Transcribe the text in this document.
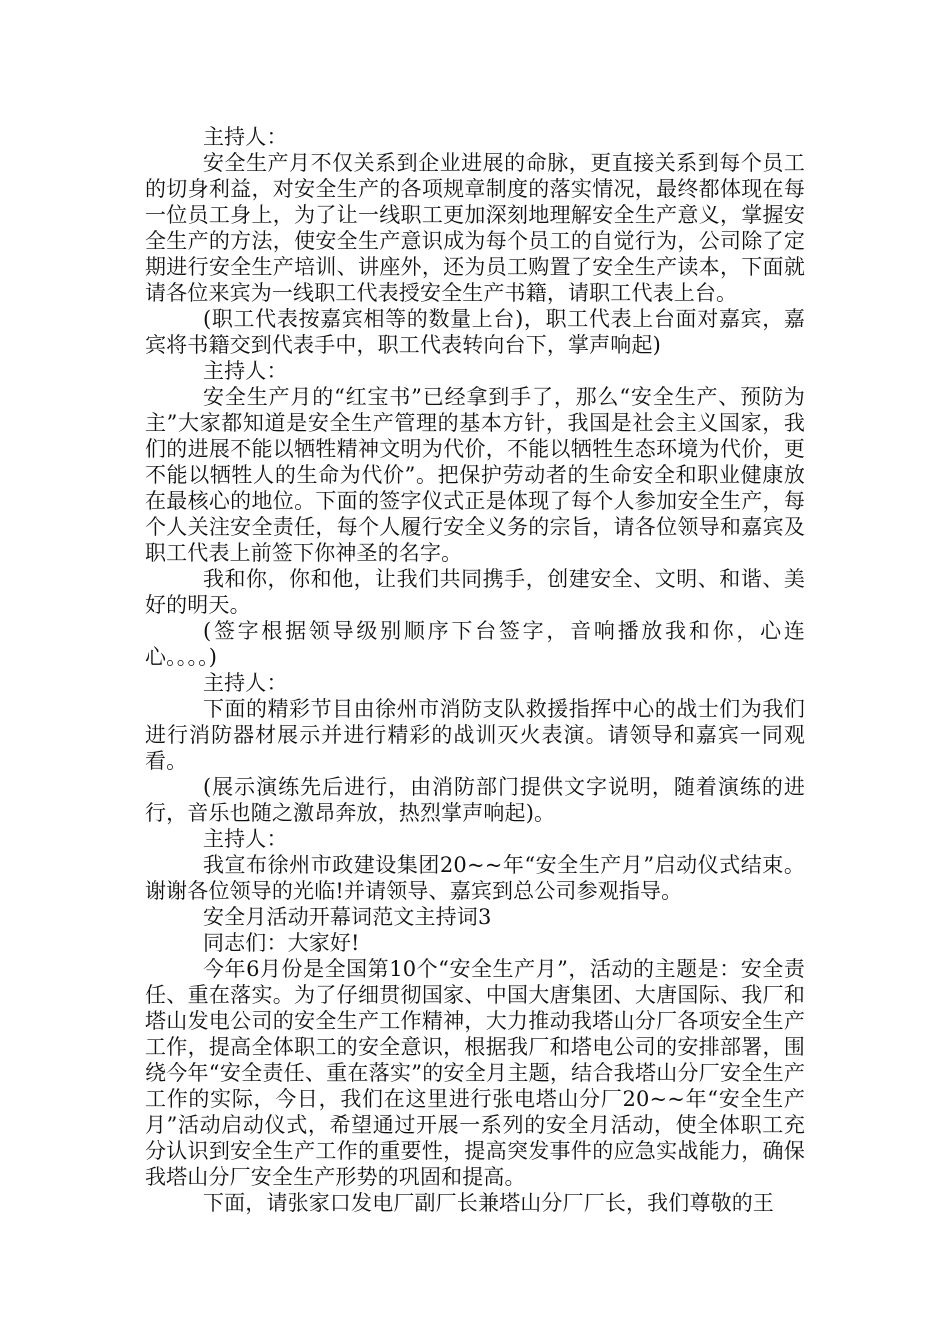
主持人：

安全生产月不仅关系到企业进展的命脉，更直接关系到每个员工的切身利益，对安全生产的各项规章制度的落实情况，最终都体现在每一位员工身上，为了让一线职工更加深刻地理解安全生产意义，掌握安全生产的方法，使安全生产意识成为每个员工的自觉行为，公司除了定期进行安全生产培训、讲座外，还为员工购置了安全生产读本，下面就请各位来宾为一线职工代表授安全生产书籍，请职工代表上台。

(职工代表按嘉宾相等的数量上台)，职工代表上台面对嘉宾，嘉宾将书籍交到代表手中，职工代表转向台下，掌声响起)

主持人：

安全生产月的“红宝书”已经拿到手了，那么“安全生产、预防为主”大家都知道是安全生产管理的基本方针，我国是社会主义国家，我们的进展不能以牺牲精神文明为代价，不能以牺牲生态环境为代价，更不能以牺牲人的生命为代价”。把保护劳动者的生命安全和职业健康放在最核心的地位。下面的签字仪式正是体现了每个人参加安全生产，每个人关注安全责任，每个人履行安全义务的宗旨，请各位领导和嘉宾及职工代表上前签下你神圣的名字。

我和你，你和他，让我们共同携手，创建安全、文明、和谐、美好的明天。

(签字根据领导级别顺序下台签字，音响播放我和你，心连心。。。。)

主持人：

下面的精彩节目由徐州市消防支队救援指挥中心的战士们为我们进行消防器材展示并进行精彩的战训灭火表演。请领导和嘉宾一同观看。

(展示演练先后进行，由消防部门提供文字说明，随着演练的进行，音乐也随之激昂奔放，热烈掌声响起)。

主持人：

我宣布徐州市政建设集团20~~年“安全生产月”启动仪式结束。谢谢各位领导的光临!并请领导、嘉宾到总公司参观指导。

安全月活动开幕词范文主持词3

同志们：大家好!

今年6月份是全国第10个“安全生产月”，活动的主题是：安全责任、重在落实。为了仔细贯彻国家、中国大唐集团、大唐国际、我厂和塔山发电公司的安全生产工作精神，大力推动我塔山分厂各项安全生产工作，提高全体职工的安全意识，根据我厂和塔电公司的安排部署，围绕今年“安全责任、重在落实”的安全月主题，结合我塔山分厂安全生产工作的实际，今日，我们在这里进行张电塔山分厂20~~年“安全生产月”活动启动仪式，希望通过开展一系列的安全月活动，使全体职工充分认识到安全生产工作的重要性，提高突发事件的应急实战能力，确保我塔山分厂安全生产形势的巩固和提高。

下面，请张家口发电厂副厂长兼塔山分厂厂长，我们尊敬的王
